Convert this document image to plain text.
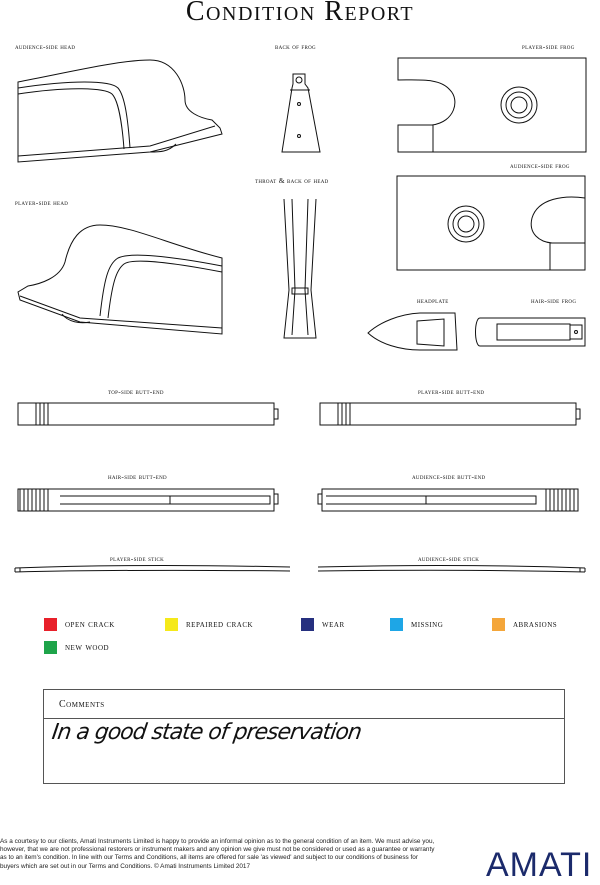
Condition Report
audience-side head	back of frog	player-side frog
audience-side frog
throat & back of head
player-side head
headplate	hair-side frog
top-side butt-end	player-side butt-end
hair-side butt-end	audience-side butt-end
player-side stick	audience-side stick
open crack	repaired crack	wear	missing	abrasions
new wood
Comments
In a good state of preservation
As a courtesy to our clients, Amati Instruments Limited is happy to provide an informal opinion as to the general condition of an item. We must advise you, however, that we are not professional restorers or instrument makers and any opinion we give must not be considered or used as a guarantee or warranty as to an item's condition. In line with our Terms and Conditions, all items are offered for sale 'as viewed' and subject to our conditions of business for buyers which are set out in our Terms and Conditions. © Amati Instruments Limited 2017	AMATI
